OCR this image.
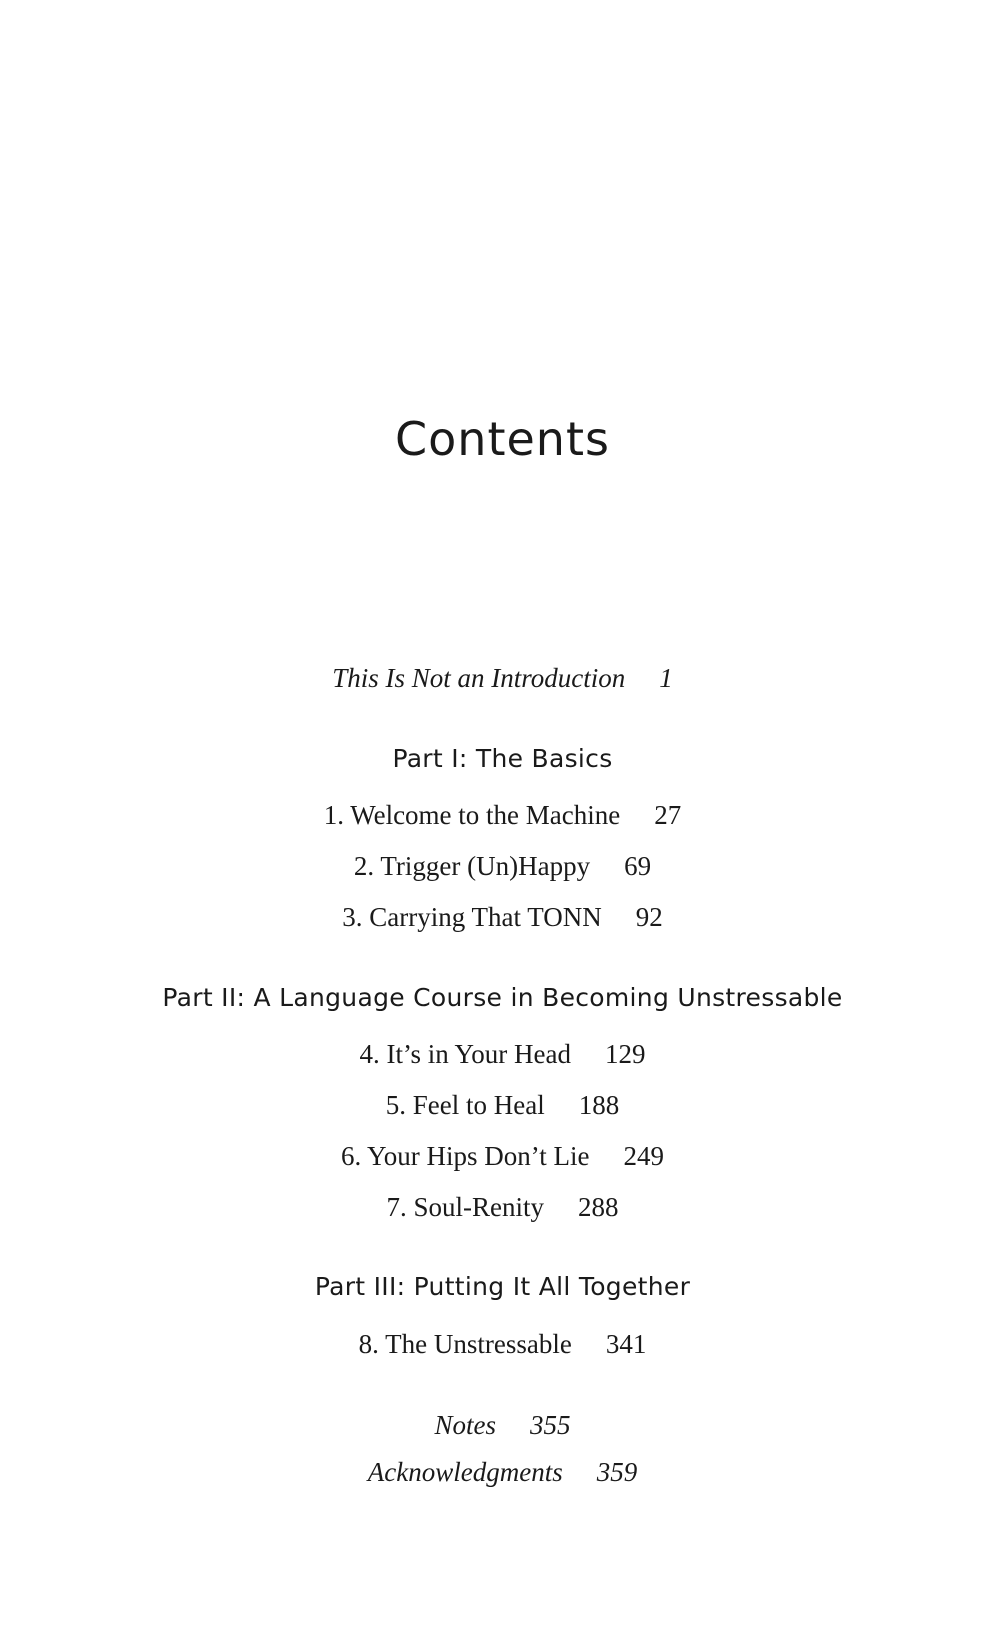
Contents
This Is Not an Introduction 1
Part I: The Basics
1. Welcome to the Machine 27
2. Trigger (Un)Happy 69
3. Carrying That TONN 92
Part II: A Language Course in Becoming Unstressable
4. It’s in Your Head 129
5. Feel to Heal 188
6. Your Hips Don’t Lie 249
7. Soul-Renity 288
Part III: Putting It All Together
8. The Unstressable 341
Notes 355
Acknowledgments 359
